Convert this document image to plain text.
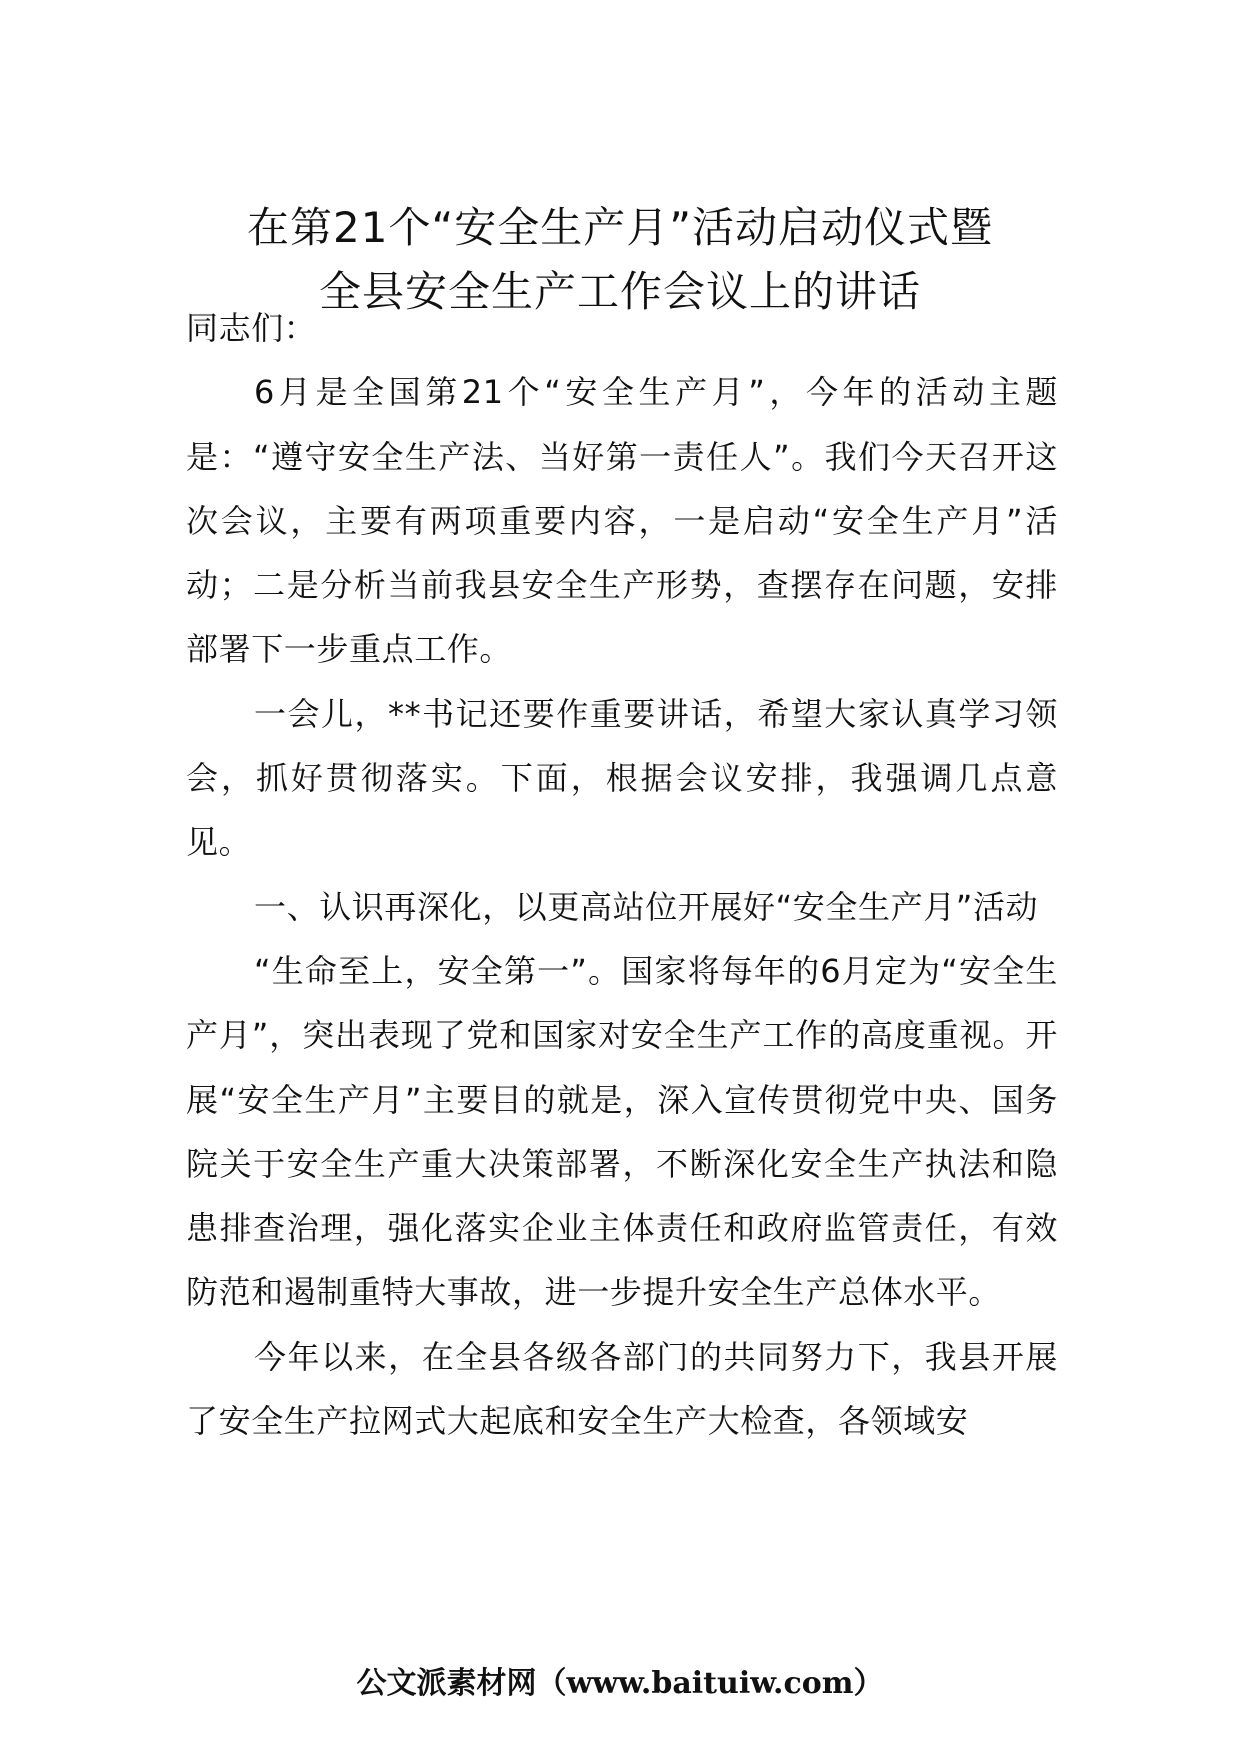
在第21个“安全生产月”活动启动仪式暨
全县安全生产工作会议上的讲话

同志们：

6月是全国第21个“安全生产月”，今年的活动主题是：“遵守安全生产法、当好第一责任人”。我们今天召开这次会议，主要有两项重要内容，一是启动“安全生产月”活动；二是分析当前我县安全生产形势，查摆存在问题，安排部署下一步重点工作。

一会儿，**书记还要作重要讲话，希望大家认真学习领会，抓好贯彻落实。下面，根据会议安排，我强调几点意见。

一、认识再深化，以更高站位开展好“安全生产月”活动

“生命至上，安全第一”。国家将每年的6月定为“安全生产月”，突出表现了党和国家对安全生产工作的高度重视。开展“安全生产月”主要目的就是，深入宣传贯彻党中央、国务院关于安全生产重大决策部署，不断深化安全生产执法和隐患排查治理，强化落实企业主体责任和政府监管责任，有效防范和遏制重特大事故，进一步提升安全生产总体水平。

今年以来，在全县各级各部门的共同努力下，我县开展了安全生产拉网式大起底和安全生产大检查，各领域安

公文派素材网（www.baituiw.com）
